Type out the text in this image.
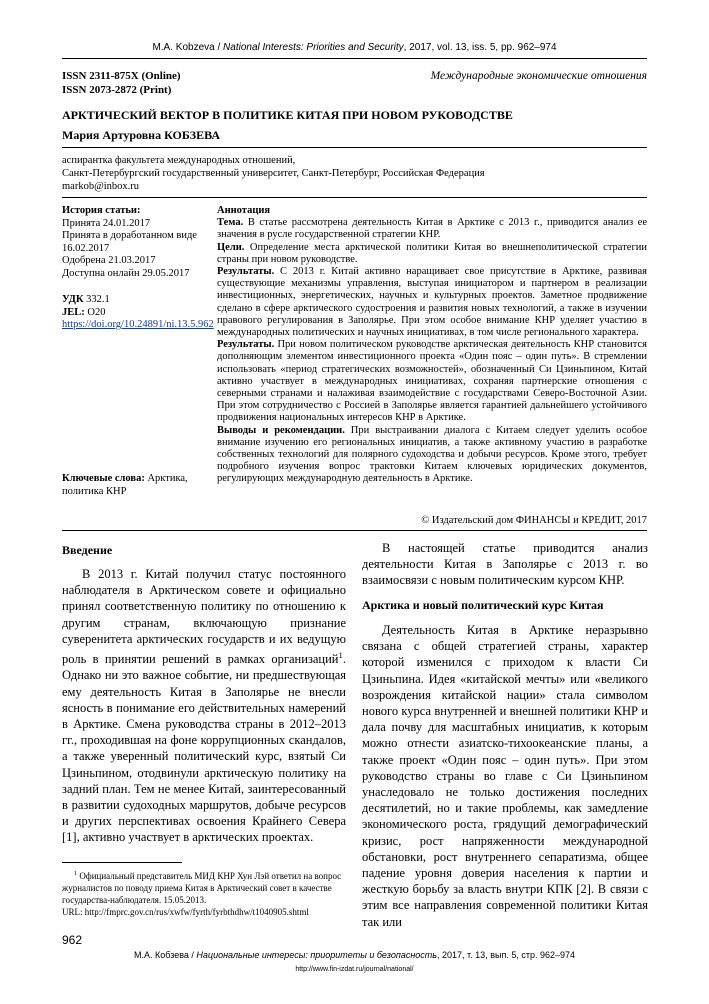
M.A. Kobzeva / National Interests: Priorities and Security, 2017, vol. 13, iss. 5, pp. 962–974
ISSN 2311-875X (Online)
ISSN 2073-2872 (Print)
Международные экономические отношения
АРКТИЧЕСКИЙ ВЕКТОР В ПОЛИТИКЕ КИТАЯ ПРИ НОВОМ РУКОВОДСТВЕ
Мария Артуровна КОБЗЕВА
аспирантка факультета международных отношений,
Санкт-Петербургский государственный университет, Санкт-Петербург, Российская Федерация
markob@inbox.ru
История статьи:
Принята 24.01.2017
Принята в доработанном виде 16.02.2017
Одобрена 21.03.2017
Доступна онлайн 29.05.2017
УДК 332.1
JEL: O20
https://doi.org/10.24891/ni.13.5.962
Ключевые слова: Арктика, политика КНР

Аннотация

Тема. В статье рассмотрена деятельность Китая в Арктике с 2013 г., приводится анализ ее значения в русле государственной стратегии КНР.

Цели. Определение места арктической политики Китая во внешнеполитической стратегии страны при новом руководстве.

Результаты. С 2013 г. Китай активно наращивает свое присутствие в Арктике, развивая существующие механизмы управления, выступая инициатором и партнером в реализации инвестиционных, энергетических, научных и культурных проектов. Заметное продвижение сделано в сфере арктического судостроения и развития новых технологий, а также в изучении правового регулирования в Заполярье. При этом особое внимание КНР уделяет участию в международных политических и научных инициативах, в том числе регионального характера.

Результаты. При новом политическом руководстве арктическая деятельность КНР становится дополняющим элементом инвестиционного проекта «Один пояс – один путь». В стремлении использовать «период стратегических возможностей», обозначенный Си Цзиньпином, Китай активно участвует в международных инициативах, сохраняя партнерские отношения с северными странами и налаживая взаимодействие с государствами Северо-Восточной Азии. При этом сотрудничество с Россией в Заполярье является гарантией дальнейшего устойчивого продвижения национальных интересов КНР в Арктике.

Выводы и рекомендации. При выстраивании диалога с Китаем следует уделить особое внимание изучению его региональных инициатив, а также активному участию в разработке собственных технологий для полярного судоходства и добычи ресурсов. Кроме этого, требует подробного изучения вопрос трактовки Китаем ключевых юридических документов, регулирующих международную деятельность в Арктике.

© Издательский дом ФИНАНСЫ и КРЕДИТ, 2017
Введение

В 2013 г. Китай получил статус постоянного наблюдателя в Арктическом совете и официально принял соответственную политику по отношению к другим странам, включающую признание суверенитета арктических государств и их ведущую роль в принятии решений в рамках организаций$^1$. Однако ни это важное событие, ни предшествующая ему деятельность Китая в Заполярье не внесли ясность в понимание его действительных намерений в Арктике. Смена руководства страны в 2012–2013 гг., проходившая на фоне коррупционных скандалов, а также уверенный политический курс, взятый Си Цзиньпином, отодвинули арктическую политику на задний план. Тем не менее Китай, заинтересованный в развитии судоходных маршрутов, добыче ресурсов и других перспективах освоения Крайнего Севера [1], активно участвует в арктических проектах.

$^1$ Официальный представитель МИД КНР Хун Лэй ответил на вопрос журналистов по поводу приема Китая в Арктический совет в качестве государства-наблюдателя. 15.05.2013.
URL: http://fmprc.gov.cn/rus/xwfw/fyrth/fyrbthdhw/t1040905.shtml

В настоящей статье приводится анализ деятельности Китая в Заполярье с 2013 г. во взаимосвязи с новым политическим курсом КНР.

Арктика и новый политический курс Китая

Деятельность Китая в Арктике неразрывно связана с общей стратегией страны, характер которой изменился с приходом к власти Си Цзиньпина. Идея «китайской мечты» или «великого возрождения китайской нации» стала символом нового курса внутренней и внешней политики КНР и дала почву для масштабных инициатив, к которым можно отнести азиатско-тихоокеанские планы, а также проект «Один пояс – один путь». При этом руководство страны во главе с Си Цзиньпином унаследовало не только достижения последних десятилетий, но и такие проблемы, как замедление экономического роста, грядущий демографический кризис, рост напряженности международной обстановки, рост внутреннего сепаратизма, общее падение уровня доверия населения к партии и жесткую борьбу за власть внутри КПК [2]. В связи с этим все направления современной политики Китая так или

962
М.А. Кобзева / Национальные интересы: приоритеты и безопасность, 2017, т. 13, вып. 5, стр. 962–974
http://www.fin-izdat.ru/journal/national/
